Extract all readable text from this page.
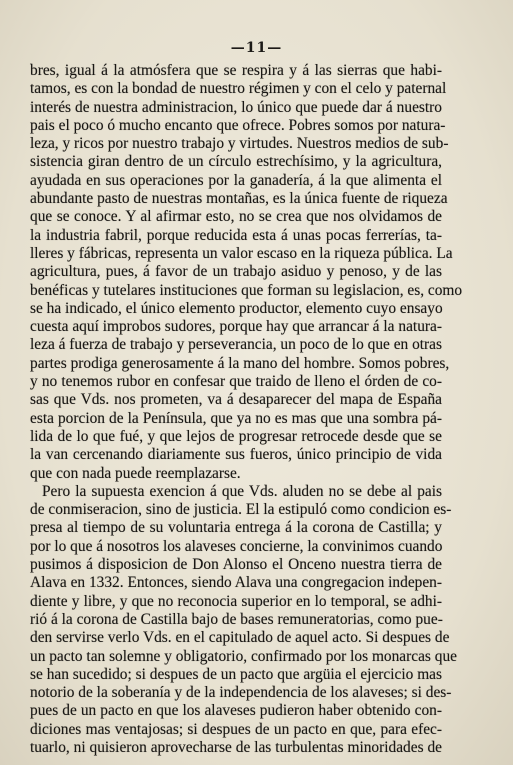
—11—
bres, igual á la atmósfera que se respira y á las sierras que habi-
tamos, es con la bondad de nuestro régimen y con el celo y paternal
interés de nuestra administracion, lo único que puede dar á nuestro
pais el poco ó mucho encanto que ofrece. Pobres somos por natura-
leza, y ricos por nuestro trabajo y virtudes. Nuestros medios de sub-
sistencia giran dentro de un círculo estrechísimo, y la agricultura,
ayudada en sus operaciones por la ganadería, á la que alimenta el
abundante pasto de nuestras montañas, es la única fuente de riqueza
que se conoce. Y al afirmar esto, no se crea que nos olvidamos de
la industria fabril, porque reducida esta á unas pocas ferrerías, ta-
lleres y fábricas, representa un valor escaso en la riqueza pública. La
agricultura, pues, á favor de un trabajo asiduo y penoso, y de las
benéficas y tutelares instituciones que forman su legislacion, es, como
se ha indicado, el único elemento productor, elemento cuyo ensayo
cuesta aquí improbos sudores, porque hay que arrancar á la natura-
leza á fuerza de trabajo y perseverancia, un poco de lo que en otras
partes prodiga generosamente á la mano del hombre. Somos pobres,
y no tenemos rubor en confesar que traido de lleno el órden de co-
sas que Vds. nos prometen, va á desaparecer del mapa de España
esta porcion de la Península, que ya no es mas que una sombra pá-
lida de lo que fué, y que lejos de progresar retrocede desde que se
la van cercenando diariamente sus fueros, único principio de vida
que con nada puede reemplazarse.
Pero la supuesta exencion á que Vds. aluden no se debe al pais
de conmiseracion, sino de justicia. El la estipuló como condicion es-
presa al tiempo de su voluntaria entrega á la corona de Castilla; y
por lo que á nosotros los alaveses concierne, la convinimos cuando
pusimos á disposicion de Don Alonso el Onceno nuestra tierra de
Alava en 1332. Entonces, siendo Alava una congregacion indepen-
diente y libre, y que no reconocia superior en lo temporal, se adhi-
rió á la corona de Castilla bajo de bases remuneratorias, como pue-
den servirse verlo Vds. en el capitulado de aquel acto. Si despues de
un pacto tan solemne y obligatorio, confirmado por los monarcas que
se han sucedido; si despues de un pacto que argüia el ejercicio mas
notorio de la soberanía y de la independencia de los alaveses; si des-
pues de un pacto en que los alaveses pudieron haber obtenido con-
diciones mas ventajosas; si despues de un pacto en que, para efec-
tuarlo, ni quisieron aprovecharse de las turbulentas minoridades de
